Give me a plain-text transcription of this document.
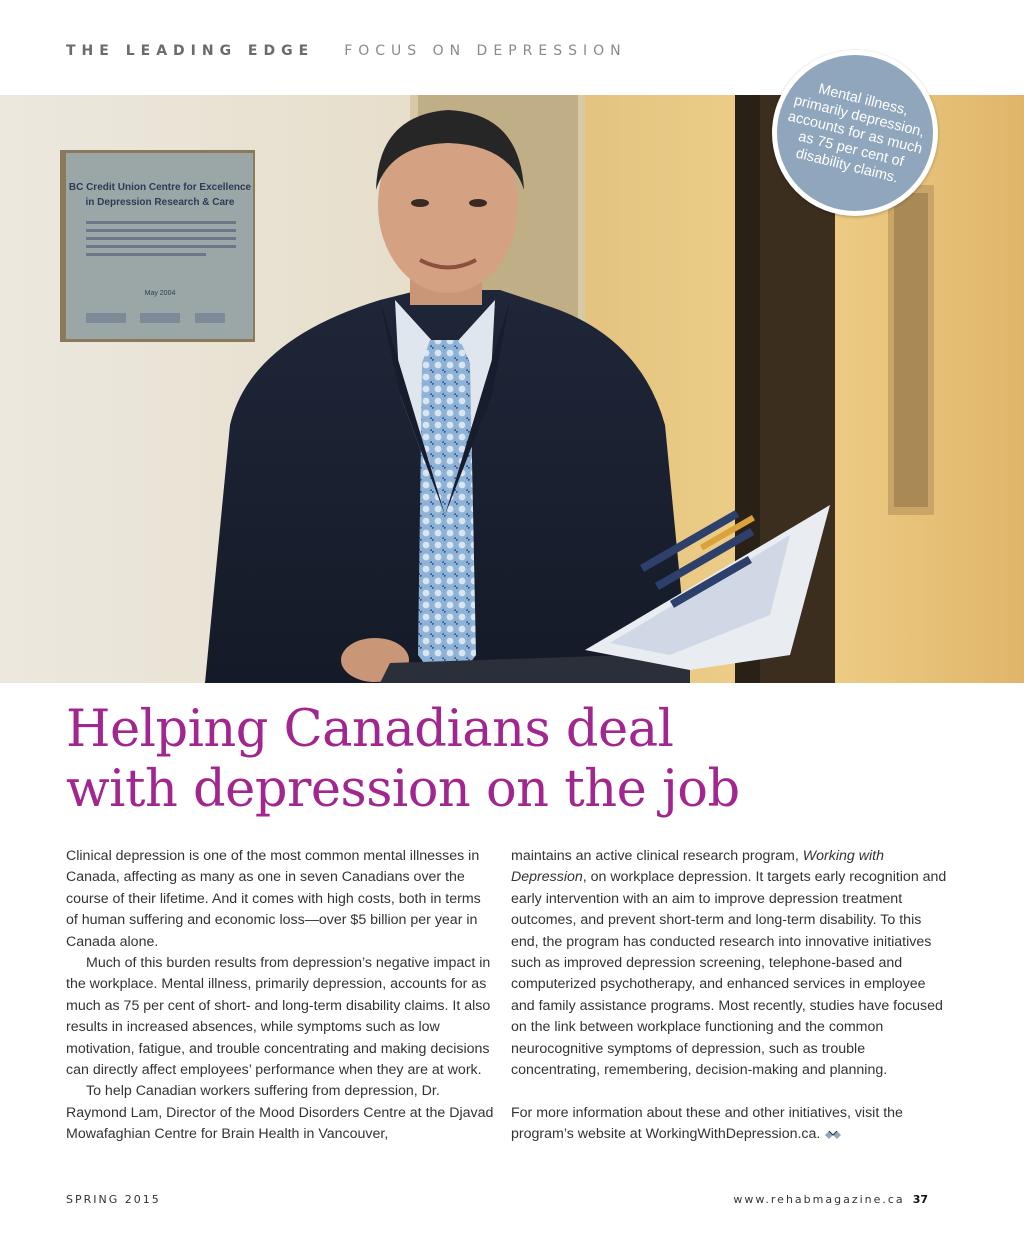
THE LEADING EDGE FOCUS ON DEPRESSION
Mental illness, primarily depression, accounts for as much as 75 per cent of disability claims.
BC Credit Union Centre for Excellence
in Depression Research & Care
May 2004
Helping Canadians deal
with depression on the job

Clinical depression is one of the most common mental illnesses in Canada, affecting as many as one in seven Canadians over the course of their lifetime. And it comes with high costs, both in terms of human suffering and economic loss—over $5 billion per year in Canada alone.

Much of this burden results from depression’s negative impact in the workplace. Mental illness, primarily depression, accounts for as much as 75 per cent of short- and long-term disability claims. It also results in increased absences, while symptoms such as low motivation, fatigue, and trouble concentrating and making decisions can directly affect employees’ performance when they are at work.

To help Canadian workers suffering from depression, Dr. Raymond Lam, Director of the Mood Disorders Centre at the Djavad Mowafaghian Centre for Brain Health in Vancouver,

maintains an active clinical research program, Working with Depression, on workplace depression. It targets early recognition and early intervention with an aim to improve depression treatment outcomes, and prevent short-term and long-term disability. To this end, the program has conducted research into innovative initiatives such as improved depression screening, telephone-based and computerized psychotherapy, and enhanced services in employee and family assistance programs. Most recently, studies have focused on the link between workplace functioning and the common neurocognitive symptoms of depression, such as trouble concentrating, remembering, decision-making and planning.

For more information about these and other initiatives, visit the program’s website at WorkingWithDepression.ca.

SPRING 2015	www.rehabmagazine.ca 37
